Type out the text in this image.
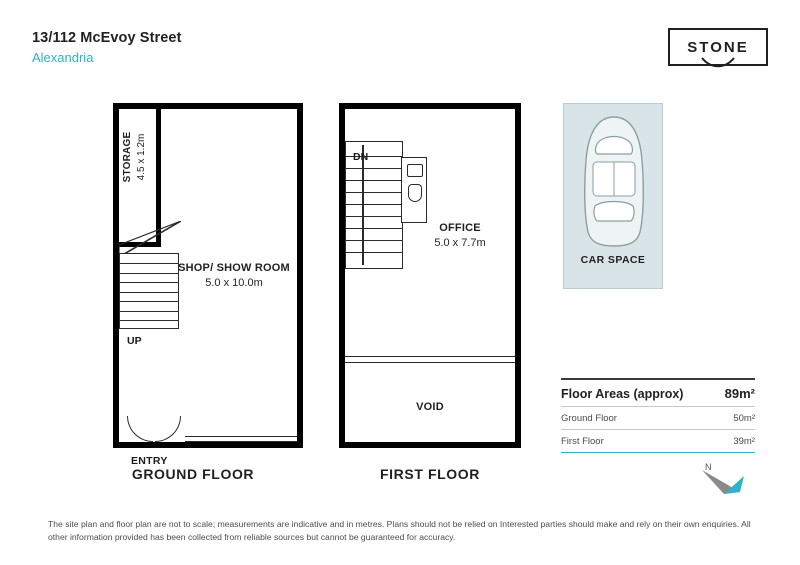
13/112 McEvoy Street
Alexandria
STONE
STORAGE 4.5 x 1.2m
UP
SHOP/ SHOW ROOM
5.0 x 10.0m
ENTRY
GROUND FLOOR
DN
OFFICE
5.0 x 7.7m
VOID
FIRST FLOOR
CAR SPACE
Floor Areas (approx)	89m²
Ground Floor	50m²
First Floor	39m²
N
The site plan and floor plan are not to scale; measurements are indicative and in metres. Plans should not be relied on Interested parties should make and rely on their own enquiries. All other information provided has been collected from reliable sources but cannot be guaranteed for accuracy.
